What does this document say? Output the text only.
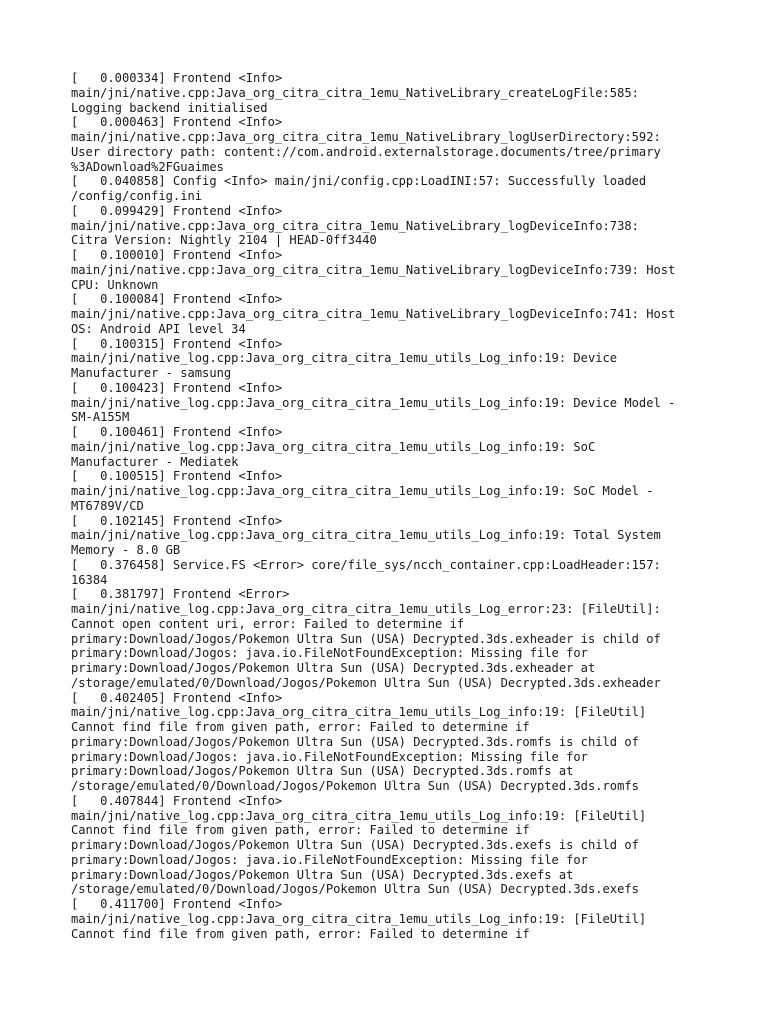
[   0.000334] Frontend <Info>
main/jni/native.cpp:Java_org_citra_citra_1emu_NativeLibrary_createLogFile:585:
Logging backend initialised
[   0.000463] Frontend <Info>
main/jni/native.cpp:Java_org_citra_citra_1emu_NativeLibrary_logUserDirectory:592:
User directory path: content://com.android.externalstorage.documents/tree/primary
%3ADownload%2FGuaimes
[   0.040858] Config <Info> main/jni/config.cpp:LoadINI:57: Successfully loaded
/config/config.ini
[   0.099429] Frontend <Info>
main/jni/native.cpp:Java_org_citra_citra_1emu_NativeLibrary_logDeviceInfo:738:
Citra Version: Nightly 2104 | HEAD-0ff3440
[   0.100010] Frontend <Info>
main/jni/native.cpp:Java_org_citra_citra_1emu_NativeLibrary_logDeviceInfo:739: Host
CPU: Unknown
[   0.100084] Frontend <Info>
main/jni/native.cpp:Java_org_citra_citra_1emu_NativeLibrary_logDeviceInfo:741: Host
OS: Android API level 34
[   0.100315] Frontend <Info>
main/jni/native_log.cpp:Java_org_citra_citra_1emu_utils_Log_info:19: Device
Manufacturer - samsung
[   0.100423] Frontend <Info>
main/jni/native_log.cpp:Java_org_citra_citra_1emu_utils_Log_info:19: Device Model -
SM-A155M
[   0.100461] Frontend <Info>
main/jni/native_log.cpp:Java_org_citra_citra_1emu_utils_Log_info:19: SoC
Manufacturer - Mediatek
[   0.100515] Frontend <Info>
main/jni/native_log.cpp:Java_org_citra_citra_1emu_utils_Log_info:19: SoC Model -
MT6789V/CD
[   0.102145] Frontend <Info>
main/jni/native_log.cpp:Java_org_citra_citra_1emu_utils_Log_info:19: Total System
Memory - 8.0 GB
[   0.376458] Service.FS <Error> core/file_sys/ncch_container.cpp:LoadHeader:157:
16384
[   0.381797] Frontend <Error>
main/jni/native_log.cpp:Java_org_citra_citra_1emu_utils_Log_error:23: [FileUtil]:
Cannot open content uri, error: Failed to determine if
primary:Download/Jogos/Pokemon Ultra Sun (USA) Decrypted.3ds.exheader is child of
primary:Download/Jogos: java.io.FileNotFoundException: Missing file for
primary:Download/Jogos/Pokemon Ultra Sun (USA) Decrypted.3ds.exheader at
/storage/emulated/0/Download/Jogos/Pokemon Ultra Sun (USA) Decrypted.3ds.exheader
[   0.402405] Frontend <Info>
main/jni/native_log.cpp:Java_org_citra_citra_1emu_utils_Log_info:19: [FileUtil]
Cannot find file from given path, error: Failed to determine if
primary:Download/Jogos/Pokemon Ultra Sun (USA) Decrypted.3ds.romfs is child of
primary:Download/Jogos: java.io.FileNotFoundException: Missing file for
primary:Download/Jogos/Pokemon Ultra Sun (USA) Decrypted.3ds.romfs at
/storage/emulated/0/Download/Jogos/Pokemon Ultra Sun (USA) Decrypted.3ds.romfs
[   0.407844] Frontend <Info>
main/jni/native_log.cpp:Java_org_citra_citra_1emu_utils_Log_info:19: [FileUtil]
Cannot find file from given path, error: Failed to determine if
primary:Download/Jogos/Pokemon Ultra Sun (USA) Decrypted.3ds.exefs is child of
primary:Download/Jogos: java.io.FileNotFoundException: Missing file for
primary:Download/Jogos/Pokemon Ultra Sun (USA) Decrypted.3ds.exefs at
/storage/emulated/0/Download/Jogos/Pokemon Ultra Sun (USA) Decrypted.3ds.exefs
[   0.411700] Frontend <Info>
main/jni/native_log.cpp:Java_org_citra_citra_1emu_utils_Log_info:19: [FileUtil]
Cannot find file from given path, error: Failed to determine if
